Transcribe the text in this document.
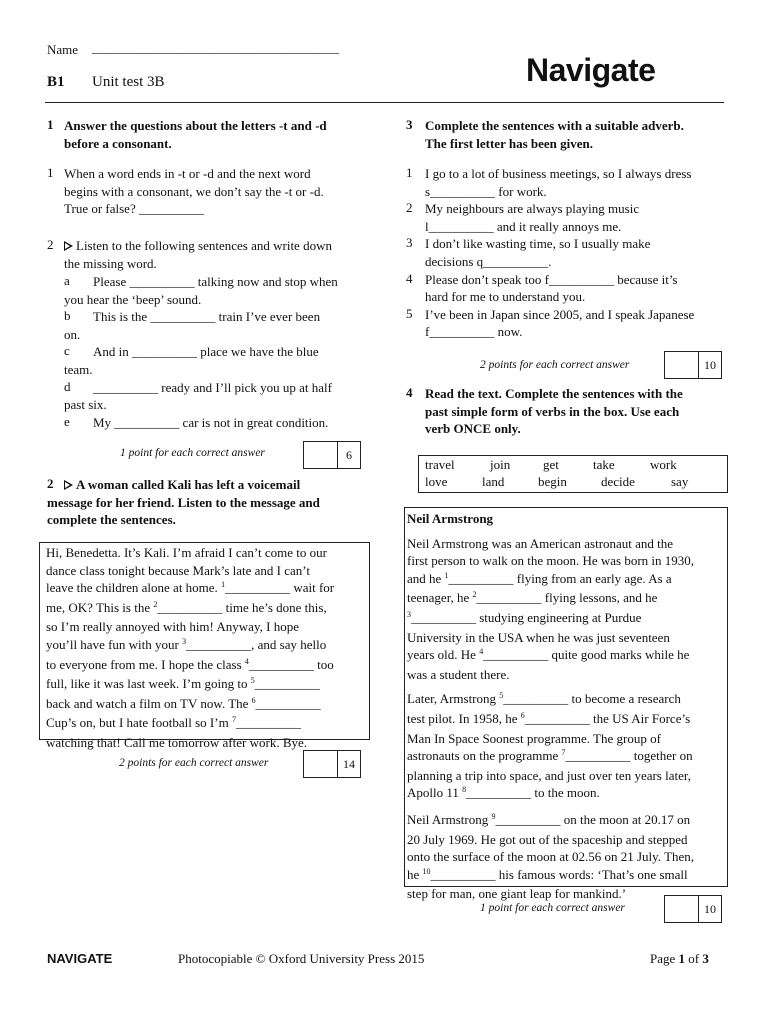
Name ______________________________________
B1 Unit test 3B	Navigate
1 Answer the questions about the letters -t and -d
before a consonant.
1 When a word ends in -t or -d and the next word
begins with a consonant, we don’t say the -t or -d.
True or false? __________
2	Listen to the following sentences and write down
the missing word.
a Please __________ talking now and stop when
you hear the ‘beep’ sound.
b This is the __________ train I’ve ever been
on.
c And in __________ place we have the blue
team.
d __________ ready and I’ll pick you up at half
past six.
e My __________ car is not in great condition.
1 point for each correct answer	6
2	A woman called Kali has left a voicemail
message for her friend. Listen to the message and
complete the sentences.
Hi, Benedetta. It’s Kali. I’m afraid I can’t come to our
dance class tonight because Mark’s late and I can’t
leave the children alone at home. $^1$__________ wait for
me, OK? This is the $^2$__________ time he’s done this,
so I’m really annoyed with him! Anyway, I hope
you’ll have fun with your $^3$__________, and say hello
to everyone from me. I hope the class $^4$__________ too
full, like it was last week. I’m going to $^5$__________
back and watch a film on TV now. The $^6$__________
Cup’s on, but I hate football so I’m $^7$__________
watching that! Call me tomorrow after work. Bye.
2 points for each correct answer	14
3 Complete the sentences with a suitable adverb.
The first letter has been given.
1 I go to a lot of business meetings, so I always dress
s__________ for work.
2 My neighbours are always playing music
l__________ and it really annoys me.
3 I don’t like wasting time, so I usually make
decisions q__________.
4 Please don’t speak too f__________ because it’s
hard for me to understand you.
5 I’ve been in Japan since 2005, and I speak Japanese
f__________ now.
2 points for each correct answer	10
4 Read the text. Complete the sentences with the
past simple form of verbs in the box. Use each
verb ONCE only.
travel	join	get	take	work
love	land	begin	decide	say
Neil Armstrong
Neil Armstrong was an American astronaut and the
first person to walk on the moon. He was born in 1930,
and he $^1$__________ flying from an early age. As a
teenager, he $^2$__________ flying lessons, and he
$^3$__________ studying engineering at Purdue
University in the USA when he was just seventeen
years old. He $^4$__________ quite good marks while he
was a student there.
Later, Armstrong $^5$__________ to become a research
test pilot. In 1958, he $^6$__________ the US Air Force’s
Man In Space Soonest programme. The group of
astronauts on the programme $^7$__________ together on
planning a trip into space, and just over ten years later,
Apollo 11 $^8$__________ to the moon.
Neil Armstrong $^9$__________ on the moon at 20.17 on
20 July 1969. He got out of the spaceship and stepped
onto the surface of the moon at 02.56 on 21 July. Then,
he $^{10}$__________ his famous words: ‘That’s one small
step for man, one giant leap for mankind.’
1 point for each correct answer	10
NAVIGATE	Photocopiable © Oxford University Press 2015	Page 1 of 3
